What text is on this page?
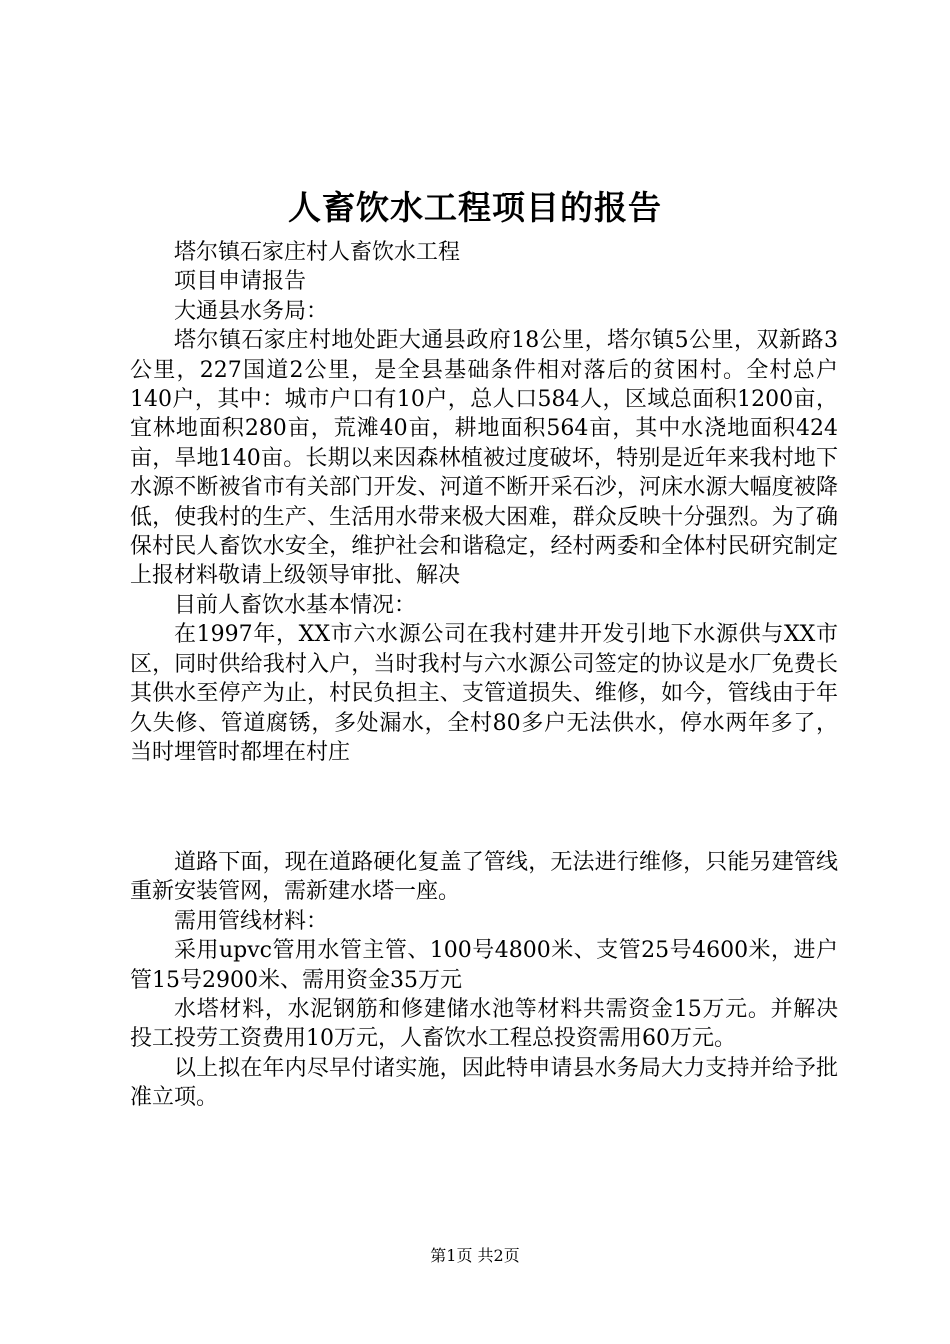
人畜饮水工程项目的报告

塔尔镇石家庄村人畜饮水工程

项目申请报告

大通县水务局：

塔尔镇石家庄村地处距大通县政府18公里，塔尔镇5公里，双新路3公里，227国道2公里，是全县基础条件相对落后的贫困村。全村总户140户，其中：城市户口有10户，总人口584人，区域总面积1200亩，宜林地面积280亩，荒滩40亩，耕地面积564亩，其中水浇地面积424亩，旱地140亩。长期以来因森林植被过度破坏，特别是近年来我村地下水源不断被省市有关部门开发、河道不断开采石沙，河床水源大幅度被降低，使我村的生产、生活用水带来极大困难，群众反映十分强烈。为了确保村民人畜饮水安全，维护社会和谐稳定，经村两委和全体村民研究制定上报材料敬请上级领导审批、解决

目前人畜饮水基本情况：

在1997年，XX市六水源公司在我村建井开发引地下水源供与XX市区，同时供给我村入户，当时我村与六水源公司签定的协议是水厂免费长其供水至停产为止，村民负担主、支管道损失、维修，如今，管线由于年久失修、管道腐锈，多处漏水，全村80多户无法供水，停水两年多了，当时埋管时都埋在村庄

道路下面，现在道路硬化复盖了管线，无法进行维修，只能另建管线重新安装管网，需新建水塔一座。

需用管线材料：

采用upvc管用水管主管、100号4800米、支管25号4600米，进户管15号2900米、需用资金35万元

水塔材料，水泥钢筋和修建储水池等材料共需资金15万元。并解决投工投劳工资费用10万元，人畜饮水工程总投资需用60万元。

以上拟在年内尽早付诸实施，因此特申请县水务局大力支持并给予批准立项。

第1页 共2页
